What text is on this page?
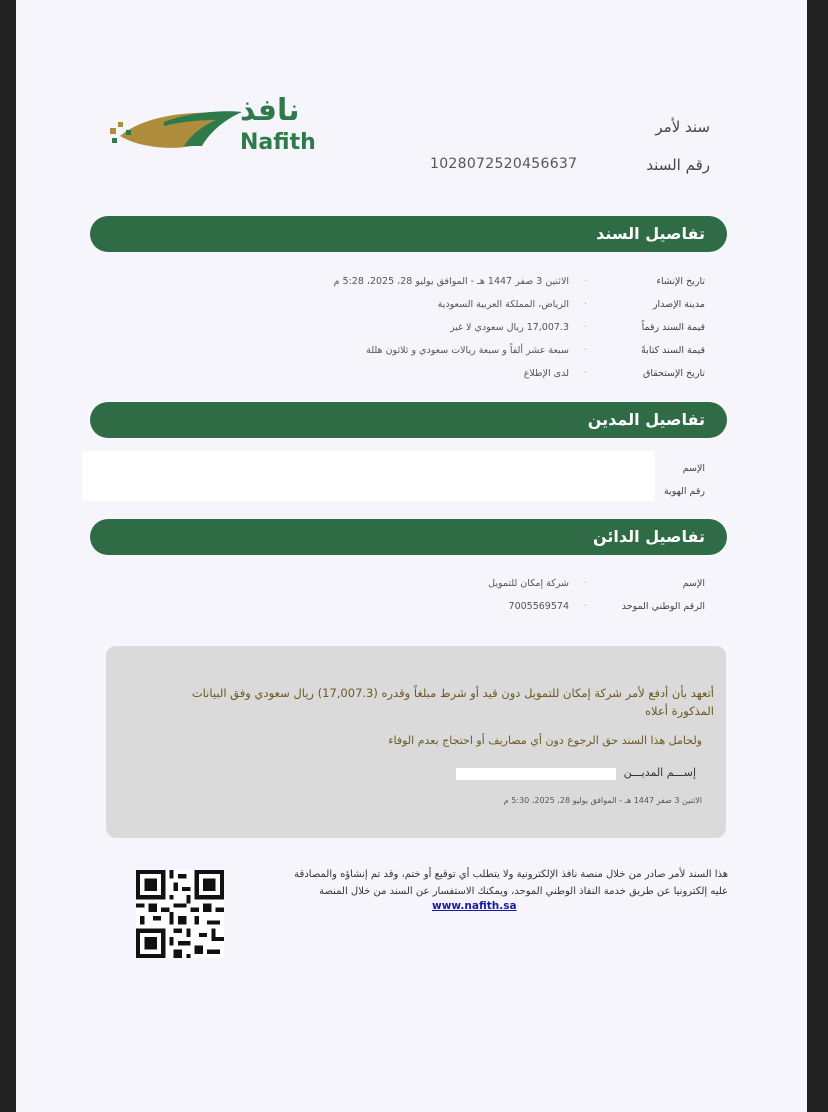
نافذ
Nafith
سند لأمر
رقم السند
1028072520456637
تفاصيل السند
تاريخ الإنشاء
·
الاثنين 3 صفر 1447 هـ - الموافق يوليو 28، 2025، 5:28 م
مدينة الإصدار
·
الرياض، المملكة العربية السعودية
قيمة السند رقماً
·
17,007.3 ريال سعودي لا غير
قيمة السند كتابةً
·
سبعة عشر ألفاً و سبعة ريالات سعودي و ثلاثون هللة
تاريخ الإستحقاق
·
لدى الإطلاع
تفاصيل المدين
الإسم
رقم الهوية
تفاصيل الدائن
الإسم
·
شركة إمكان للتمويل
الرقم الوطني الموحد
·
7005569574
أتعهد بأن أدفع لأمر شركة إمكان للتمويل دون قيد أو شرط مبلغاً وقدره (17,007.3) ريال سعودي وفق البيانات
المذكورة أعلاه
ولحامل هذا السند حق الرجوع دون أي مصاريف أو احتجاج بعدم الوفاء
إســـم المديـــن
الاثنين 3 صفر 1447 هـ - الموافق يوليو 28، 2025، 5:30 م
هذا السند لأمر صادر من خلال منصة نافذ الإلكترونية ولا يتطلب أي توقيع أو ختم، وقد تم إنشاؤه والمصادقة عليه إلكترونيا عن طريق خدمة النفاذ الوطني الموحد، ويمكنك الاستفسار عن السند من خلال المنصة
www.nafith.sa
